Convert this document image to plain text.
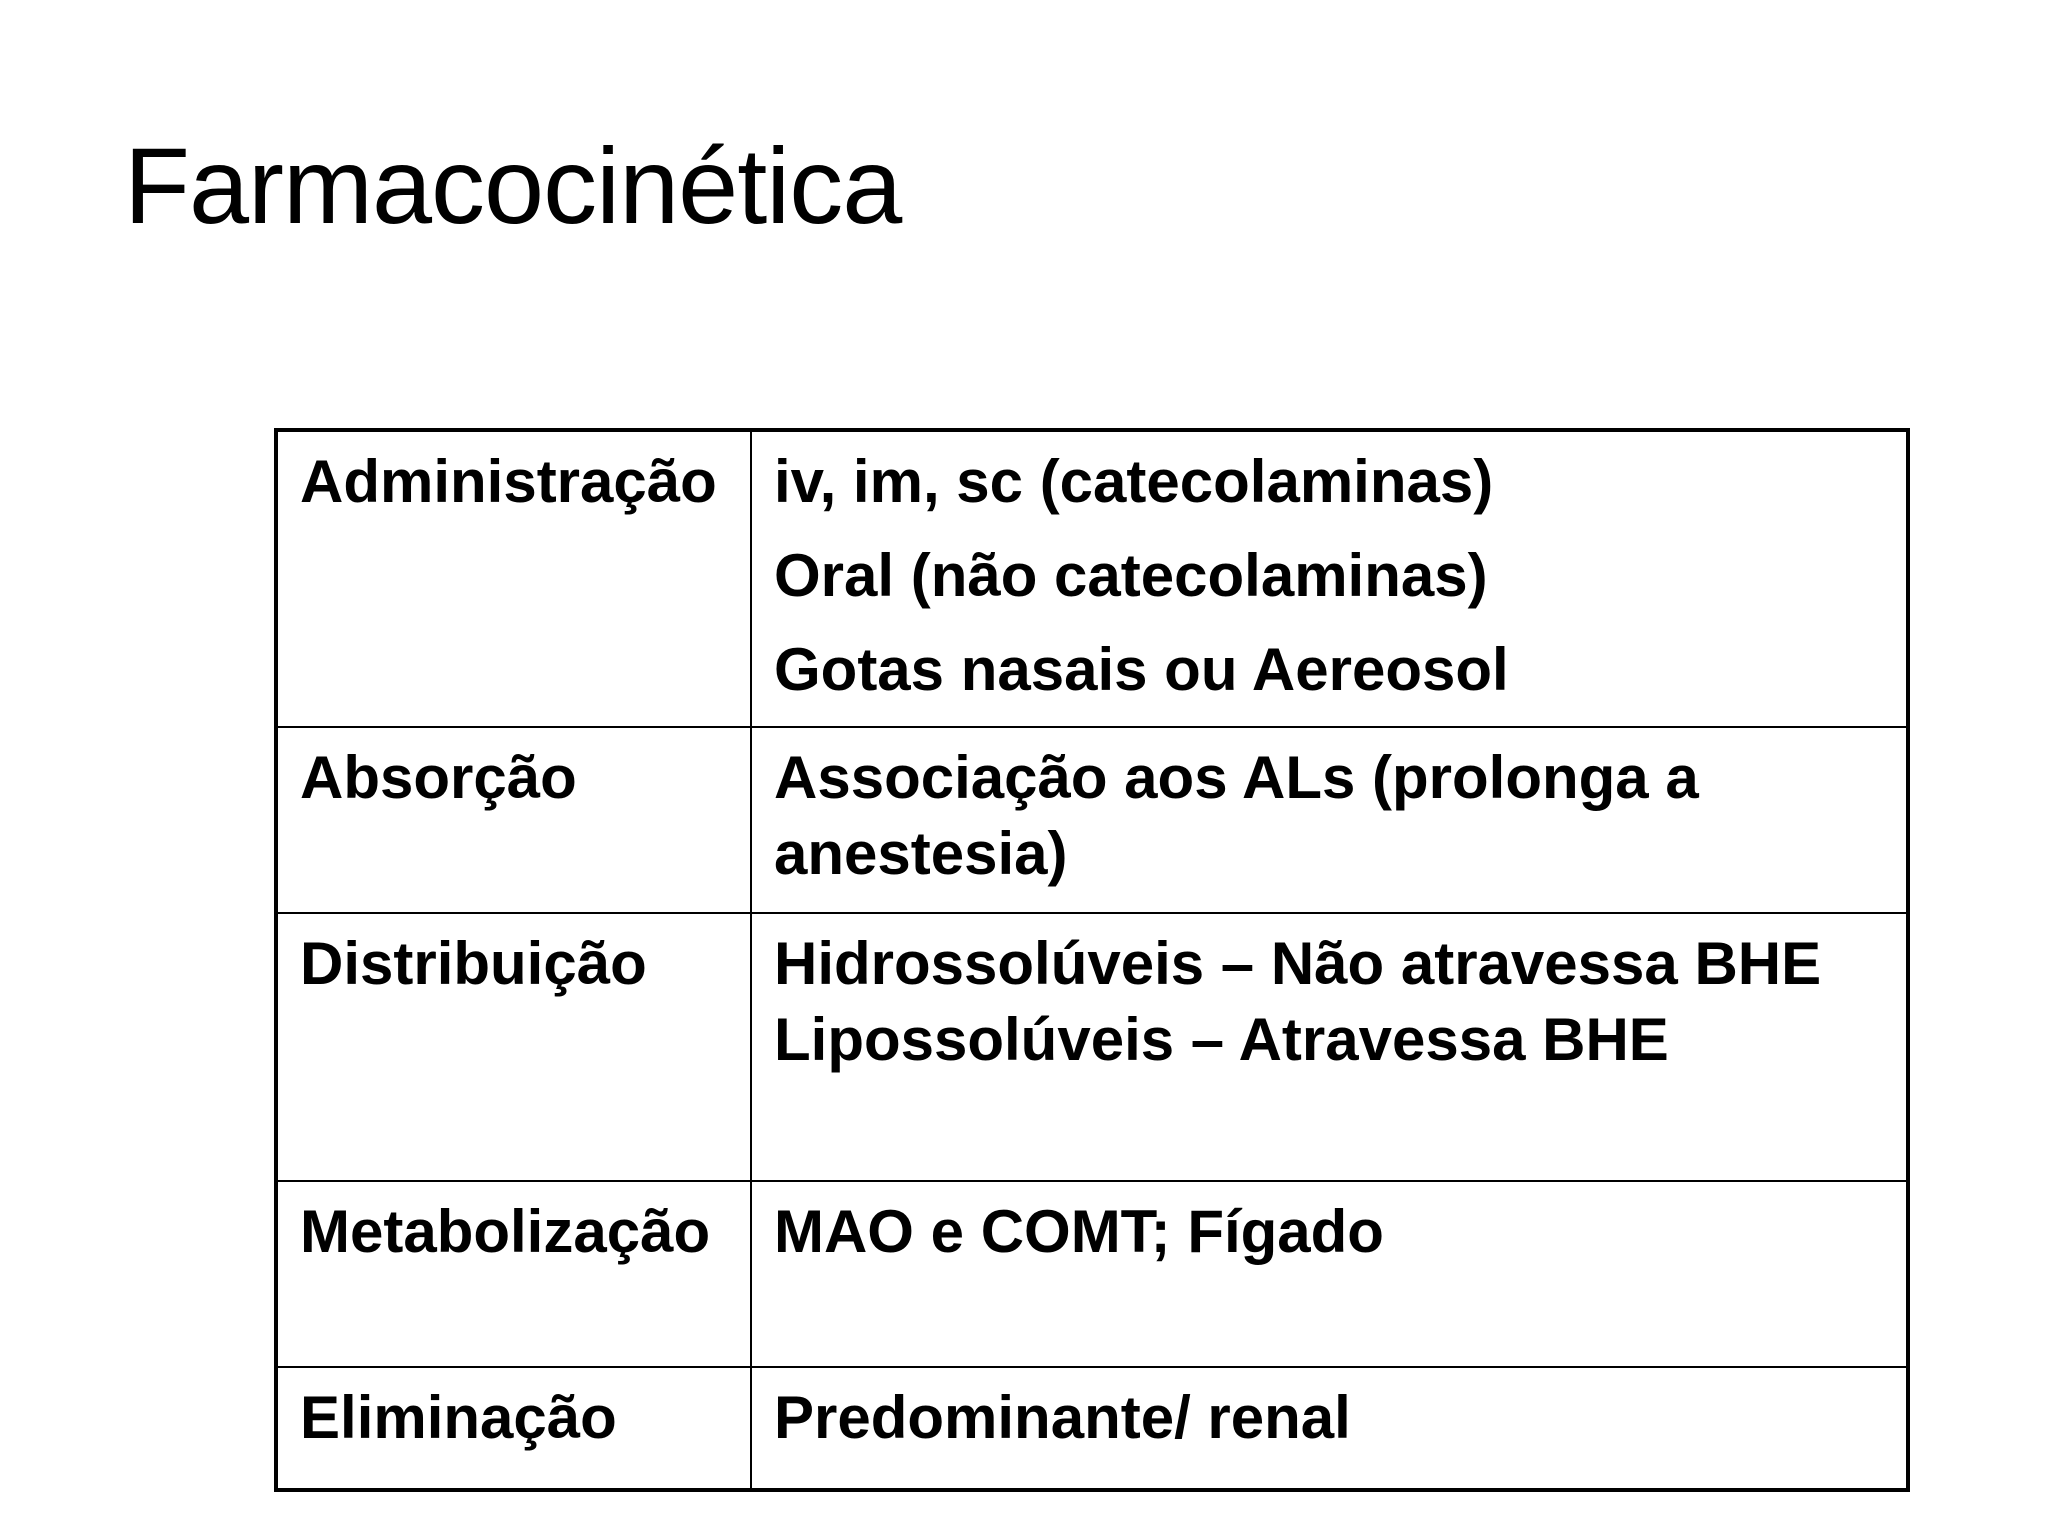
Farmacocinética
Administração	iv, im, sc (catecolaminas)
Oral (não catecolaminas)
Gotas nasais ou Aereosol

Absorção	Associação aos ALs (prolonga a anestesia)
Distribuição	Hidrossolúveis – Não atravessa BHE Lipossolúveis – Atravessa BHE
Metabolização	MAO e COMT; Fígado
Eliminação	Predominante/ renal
